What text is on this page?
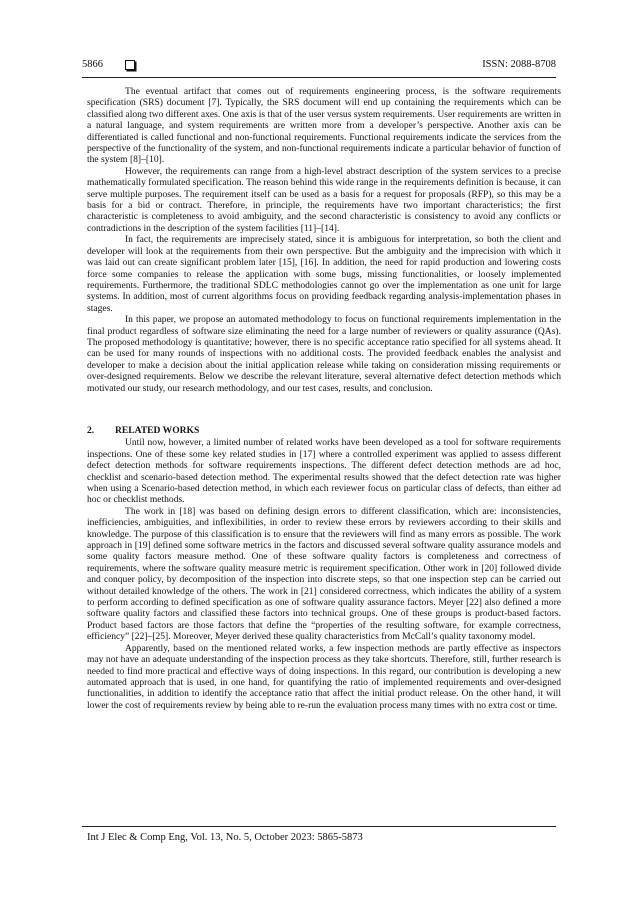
5866	ISSN: 2088-8708

The eventual artifact that comes out of requirements engineering process, is the software requirements specification (SRS) document [7]. Typically, the SRS document will end up containing the requirements which can be classified along two different axes. One axis is that of the user versus system requirements. User requirements are written in a natural language, and system requirements are written more from a developer’s perspective. Another axis can be differentiated is called functional and non-functional requirements. Functional requirements indicate the services from the perspective of the functionality of the system, and non-functional requirements indicate a particular behavior of function of the system [8]–[10].

However, the requirements can range from a high-level abstract description of the system services to a precise mathematically formulated specification. The reason behind this wide range in the requirements definition is because, it can serve multiple purposes. The requirement itself can be used as a basis for a request for proposals (RFP), so this may be a basis for a bid or contract. Therefore, in principle, the requirements have two important characteristics; the first characteristic is completeness to avoid ambiguity, and the second characteristic is consistency to avoid any conflicts or contradictions in the description of the system facilities [11]–[14].

In fact, the requirements are imprecisely stated, since it is ambiguous for interpretation, so both the client and developer will look at the requirements from their own perspective. But the ambiguity and the imprecision with which it was laid out can create significant problem later [15], [16]. In addition, the need for rapid production and lowering costs force some companies to release the application with some bugs, missing functionalities, or loosely implemented requirements. Furthermore, the traditional SDLC methodologies cannot go over the implementation as one unit for large systems. In addition, most of current algorithms focus on providing feedback regarding analysis-implementation phases in stages.

In this paper, we propose an automated methodology to focus on functional requirements implementation in the final product regardless of software size eliminating the need for a large number of reviewers or quality assurance (QAs). The proposed methodology is quantitative; however, there is no specific acceptance ratio specified for all systems ahead. It can be used for many rounds of inspections with no additional costs. The provided feedback enables the analysist and developer to make a decision about the initial application release while taking on consideration missing requirements or over-designed requirements. Below we describe the relevant literature, several alternative defect detection methods which motivated our study, our research methodology, and our test cases, results, and conclusion.

2. RELATED WORKS

Until now, however, a limited number of related works have been developed as a tool for software requirements inspections. One of these some key related studies in [17] where a controlled experiment was applied to assess different defect detection methods for software requirements inspections. The different defect detection methods are ad hoc, checklist and scenario-based detection method. The experimental results showed that the defect detection rate was higher when using a Scenario-based detection method, in which each reviewer focus on particular class of defects, than either ad hoc or checklist methods.

The work in [18] was based on defining design errors to different classification, which are: inconsistencies, inefficiencies, ambiguities, and inflexibilities, in order to review these errors by reviewers according to their skills and knowledge. The purpose of this classification is to ensure that the reviewers will find as many errors as possible. The work approach in [19] defined some software metrics in the factors and discussed several software quality assurance models and some quality factors measure method. One of these software quality factors is completeness and correctness of requirements, where the software quality measure metric is requirement specification. Other work in [20] followed divide and conquer policy, by decomposition of the inspection into discrete steps, so that one inspection step can be carried out without detailed knowledge of the others. The work in [21] considered correctness, which indicates the ability of a system to perform according to defined specification as one of software quality assurance factors. Meyer [22] also defined a more software quality factors and classified these factors into technical groups. One of these groups is product-based factors. Product based factors are those factors that define the “properties of the resulting software, for example correctness, efficiency” [22]–[25]. Moreover, Meyer derived these quality characteristics from McCall’s quality taxonomy model.

Apparently, based on the mentioned related works, a few inspection methods are partly effective as inspectors may not have an adequate understanding of the inspection process as they take shortcuts. Therefore, still, further research is needed to find more practical and effective ways of doing inspections. In this regard, our contribution is developing a new automated approach that is used, in one hand, for quantifying the ratio of implemented requirements and over-designed functionalities, in addition to identify the acceptance ratio that affect the initial product release. On the other hand, it will lower the cost of requirements review by being able to re-run the evaluation process many times with no extra cost or time.

Int J Elec & Comp Eng, Vol. 13, No. 5, October 2023: 5865-5873
